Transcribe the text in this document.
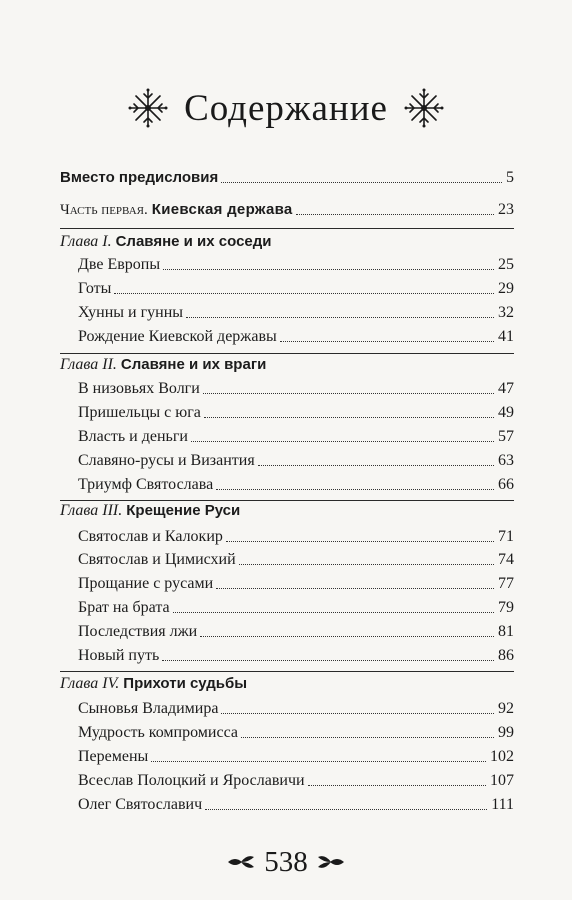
Содержание
Вместо предисловия	5
Часть первая. Киевская держава	23
Глава I. Славяне и их соседи
Две Европы	25
Готы	29
Хунны и гунны	32
Рождение Киевской державы	41
Глава II. Славяне и их враги
В низовьях Волги	47
Пришельцы с юга	49
Власть и деньги	57
Славяно-русы и Византия	63
Триумф Святослава	66
Глава III. Крещение Руси
Святослав и Калокир	71
Святослав и Цимисхий	74
Прощание с русами	77
Брат на брата	79
Последствия лжи	81
Новый путь	86
Глава IV. Прихоти судьбы
Сыновья Владимира	92
Мудрость компромисса	99
Перемены	102
Всеслав Полоцкий и Ярославичи	107
Олег Святославич	111
538
